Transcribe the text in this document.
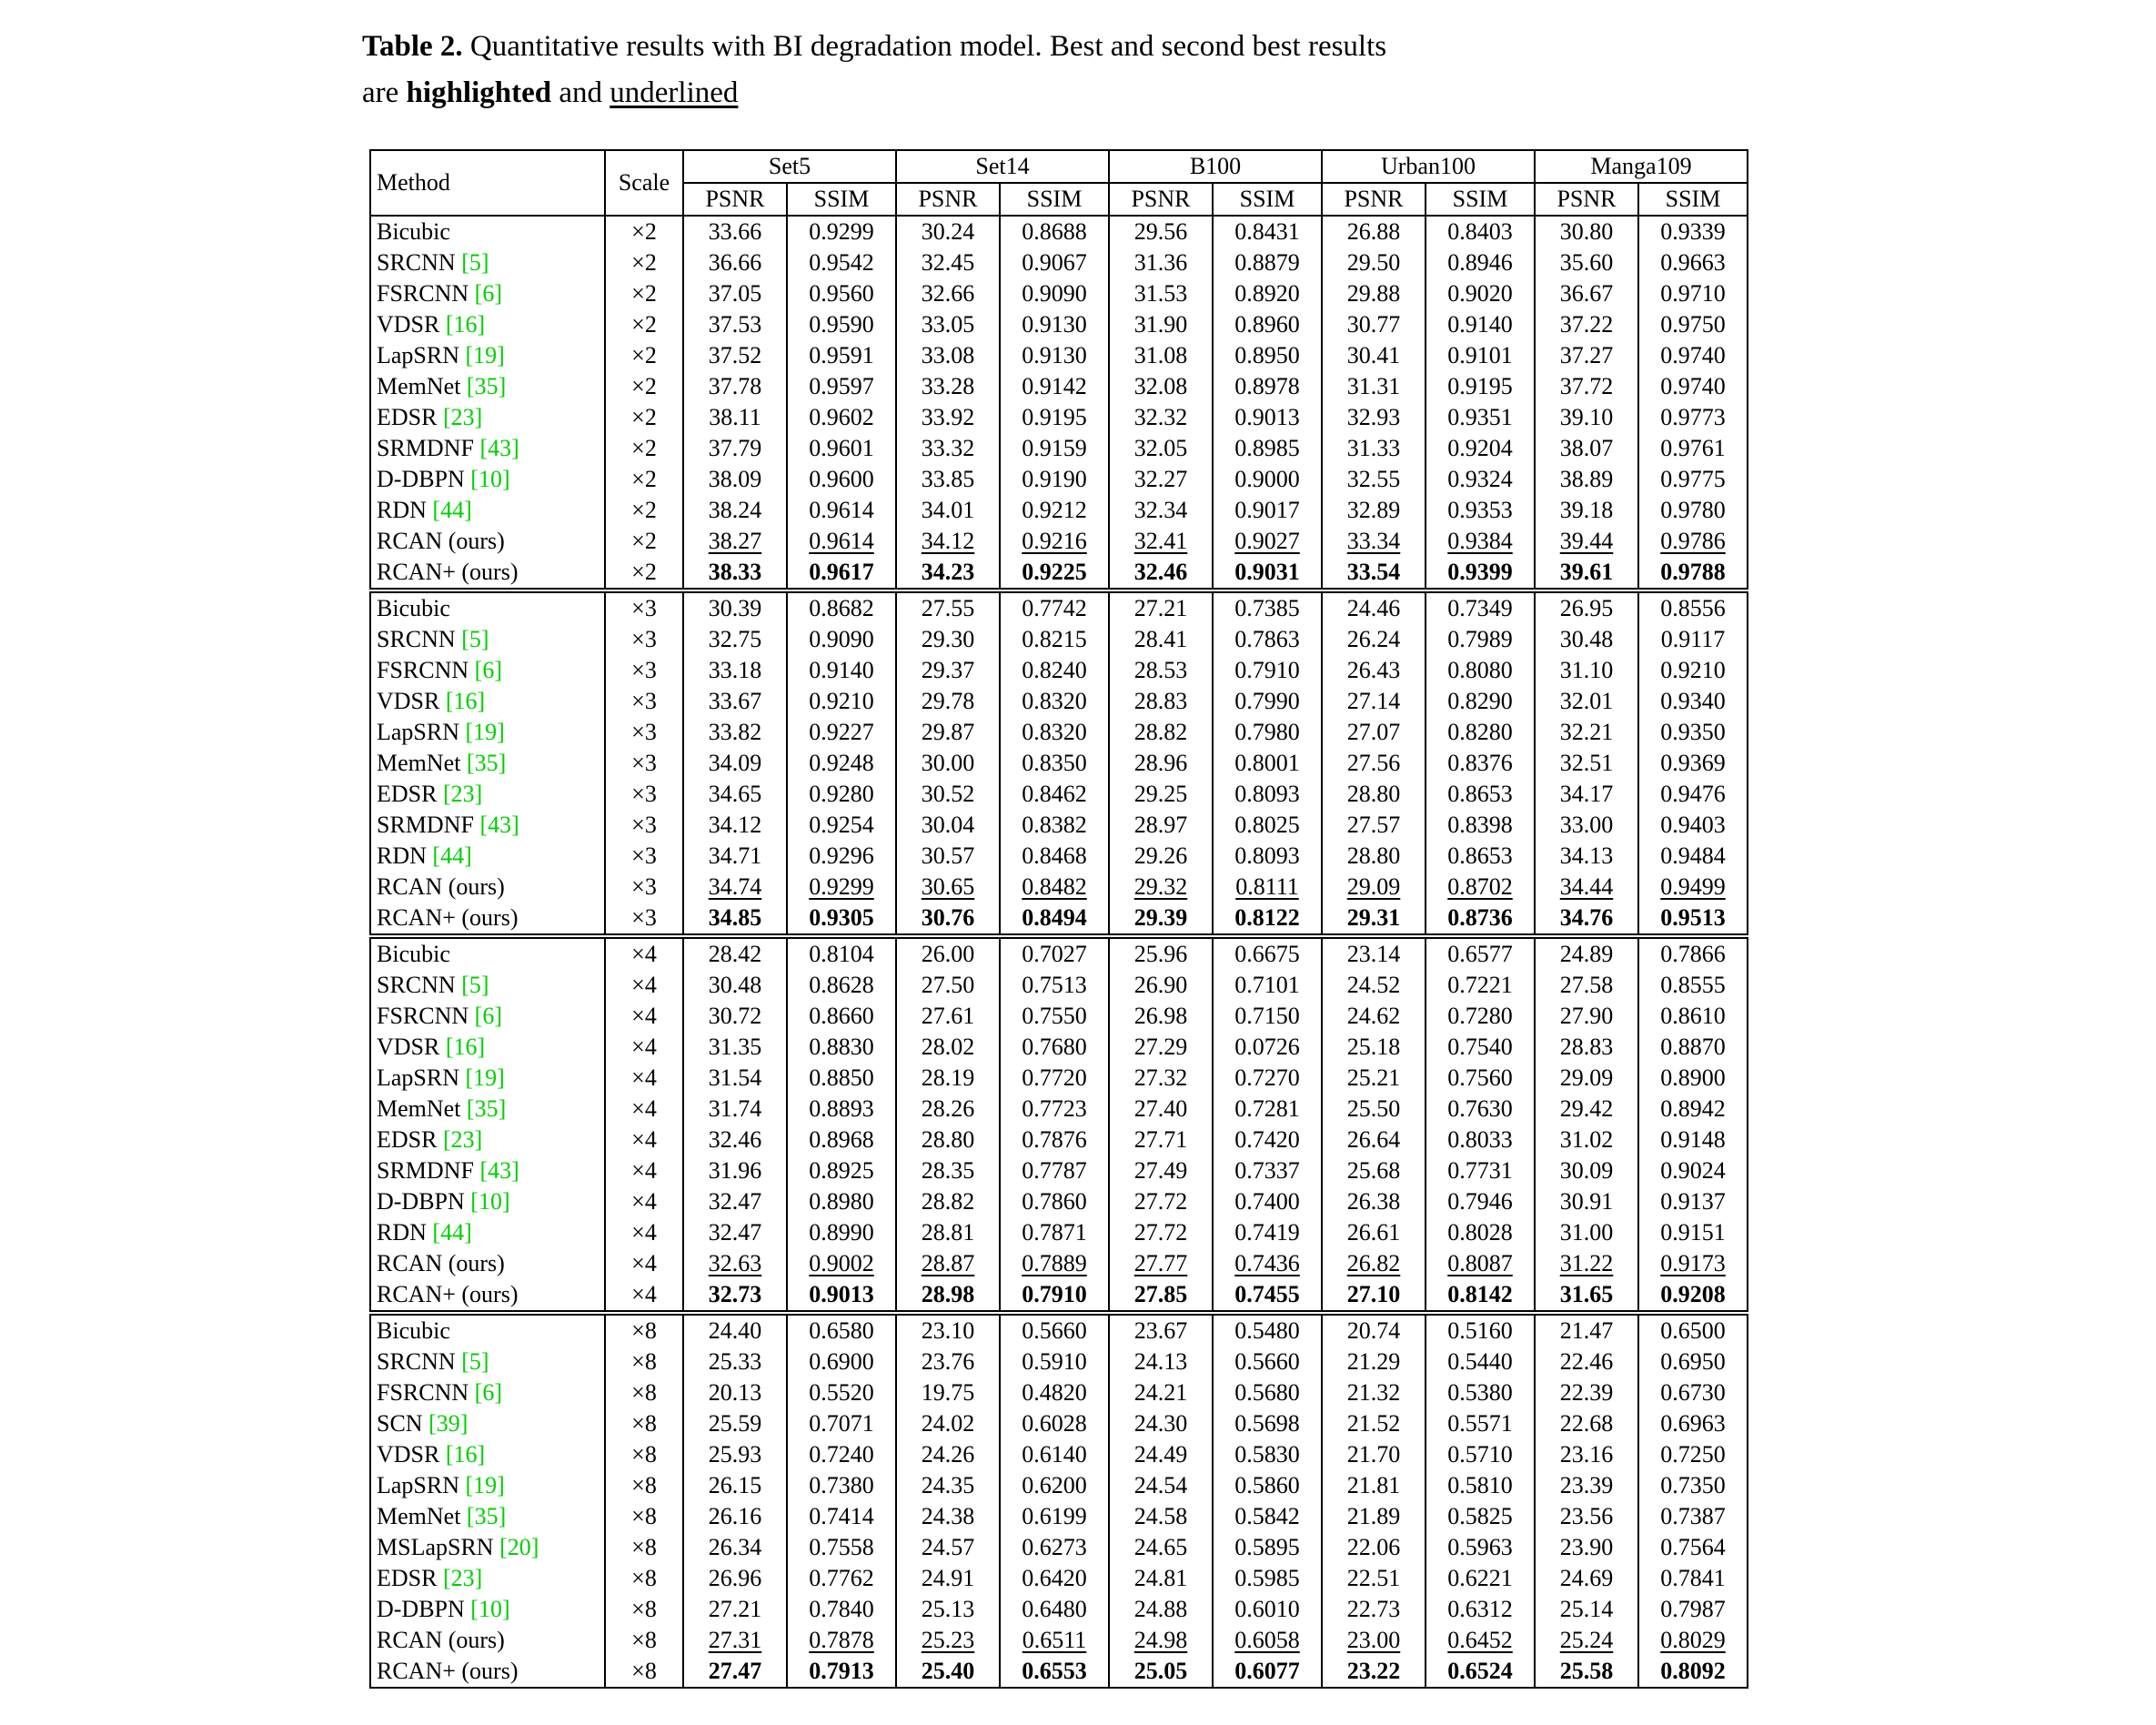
Table 2. Quantitative results with BI degradation model. Best and second best results
are highlighted and underlined
Method	Scale	Set5		Set14		B100		Urban100		Manga109	
		PSNR	SSIM	PSNR	SSIM	PSNR	SSIM	PSNR	SSIM	PSNR	SSIM
Bicubic	×2	33.66	0.9299	30.24	0.8688	29.56	0.8431	26.88	0.8403	30.80	0.9339
SRCNN [5]	×2	36.66	0.9542	32.45	0.9067	31.36	0.8879	29.50	0.8946	35.60	0.9663
FSRCNN [6]	×2	37.05	0.9560	32.66	0.9090	31.53	0.8920	29.88	0.9020	36.67	0.9710
VDSR [16]	×2	37.53	0.9590	33.05	0.9130	31.90	0.8960	30.77	0.9140	37.22	0.9750
LapSRN [19]	×2	37.52	0.9591	33.08	0.9130	31.08	0.8950	30.41	0.9101	37.27	0.9740
MemNet [35]	×2	37.78	0.9597	33.28	0.9142	32.08	0.8978	31.31	0.9195	37.72	0.9740
EDSR [23]	×2	38.11	0.9602	33.92	0.9195	32.32	0.9013	32.93	0.9351	39.10	0.9773
SRMDNF [43]	×2	37.79	0.9601	33.32	0.9159	32.05	0.8985	31.33	0.9204	38.07	0.9761
D-DBPN [10]	×2	38.09	0.9600	33.85	0.9190	32.27	0.9000	32.55	0.9324	38.89	0.9775
RDN [44]	×2	38.24	0.9614	34.01	0.9212	32.34	0.9017	32.89	0.9353	39.18	0.9780
RCAN (ours)	×2	38.27	0.9614	34.12	0.9216	32.41	0.9027	33.34	0.9384	39.44	0.9786
RCAN+ (ours)	×2	38.33	0.9617	34.23	0.9225	32.46	0.9031	33.54	0.9399	39.61	0.9788
Bicubic	×3	30.39	0.8682	27.55	0.7742	27.21	0.7385	24.46	0.7349	26.95	0.8556
SRCNN [5]	×3	32.75	0.9090	29.30	0.8215	28.41	0.7863	26.24	0.7989	30.48	0.9117
FSRCNN [6]	×3	33.18	0.9140	29.37	0.8240	28.53	0.7910	26.43	0.8080	31.10	0.9210
VDSR [16]	×3	33.67	0.9210	29.78	0.8320	28.83	0.7990	27.14	0.8290	32.01	0.9340
LapSRN [19]	×3	33.82	0.9227	29.87	0.8320	28.82	0.7980	27.07	0.8280	32.21	0.9350
MemNet [35]	×3	34.09	0.9248	30.00	0.8350	28.96	0.8001	27.56	0.8376	32.51	0.9369
EDSR [23]	×3	34.65	0.9280	30.52	0.8462	29.25	0.8093	28.80	0.8653	34.17	0.9476
SRMDNF [43]	×3	34.12	0.9254	30.04	0.8382	28.97	0.8025	27.57	0.8398	33.00	0.9403
RDN [44]	×3	34.71	0.9296	30.57	0.8468	29.26	0.8093	28.80	0.8653	34.13	0.9484
RCAN (ours)	×3	34.74	0.9299	30.65	0.8482	29.32	0.8111	29.09	0.8702	34.44	0.9499
RCAN+ (ours)	×3	34.85	0.9305	30.76	0.8494	29.39	0.8122	29.31	0.8736	34.76	0.9513
Bicubic	×4	28.42	0.8104	26.00	0.7027	25.96	0.6675	23.14	0.6577	24.89	0.7866
SRCNN [5]	×4	30.48	0.8628	27.50	0.7513	26.90	0.7101	24.52	0.7221	27.58	0.8555
FSRCNN [6]	×4	30.72	0.8660	27.61	0.7550	26.98	0.7150	24.62	0.7280	27.90	0.8610
VDSR [16]	×4	31.35	0.8830	28.02	0.7680	27.29	0.0726	25.18	0.7540	28.83	0.8870
LapSRN [19]	×4	31.54	0.8850	28.19	0.7720	27.32	0.7270	25.21	0.7560	29.09	0.8900
MemNet [35]	×4	31.74	0.8893	28.26	0.7723	27.40	0.7281	25.50	0.7630	29.42	0.8942
EDSR [23]	×4	32.46	0.8968	28.80	0.7876	27.71	0.7420	26.64	0.8033	31.02	0.9148
SRMDNF [43]	×4	31.96	0.8925	28.35	0.7787	27.49	0.7337	25.68	0.7731	30.09	0.9024
D-DBPN [10]	×4	32.47	0.8980	28.82	0.7860	27.72	0.7400	26.38	0.7946	30.91	0.9137
RDN [44]	×4	32.47	0.8990	28.81	0.7871	27.72	0.7419	26.61	0.8028	31.00	0.9151
RCAN (ours)	×4	32.63	0.9002	28.87	0.7889	27.77	0.7436	26.82	0.8087	31.22	0.9173
RCAN+ (ours)	×4	32.73	0.9013	28.98	0.7910	27.85	0.7455	27.10	0.8142	31.65	0.9208
Bicubic	×8	24.40	0.6580	23.10	0.5660	23.67	0.5480	20.74	0.5160	21.47	0.6500
SRCNN [5]	×8	25.33	0.6900	23.76	0.5910	24.13	0.5660	21.29	0.5440	22.46	0.6950
FSRCNN [6]	×8	20.13	0.5520	19.75	0.4820	24.21	0.5680	21.32	0.5380	22.39	0.6730
SCN [39]	×8	25.59	0.7071	24.02	0.6028	24.30	0.5698	21.52	0.5571	22.68	0.6963
VDSR [16]	×8	25.93	0.7240	24.26	0.6140	24.49	0.5830	21.70	0.5710	23.16	0.7250
LapSRN [19]	×8	26.15	0.7380	24.35	0.6200	24.54	0.5860	21.81	0.5810	23.39	0.7350
MemNet [35]	×8	26.16	0.7414	24.38	0.6199	24.58	0.5842	21.89	0.5825	23.56	0.7387
MSLapSRN [20]	×8	26.34	0.7558	24.57	0.6273	24.65	0.5895	22.06	0.5963	23.90	0.7564
EDSR [23]	×8	26.96	0.7762	24.91	0.6420	24.81	0.5985	22.51	0.6221	24.69	0.7841
D-DBPN [10]	×8	27.21	0.7840	25.13	0.6480	24.88	0.6010	22.73	0.6312	25.14	0.7987
RCAN (ours)	×8	27.31	0.7878	25.23	0.6511	24.98	0.6058	23.00	0.6452	25.24	0.8029
RCAN+ (ours)	×8	27.47	0.7913	25.40	0.6553	25.05	0.6077	23.22	0.6524	25.58	0.8092
